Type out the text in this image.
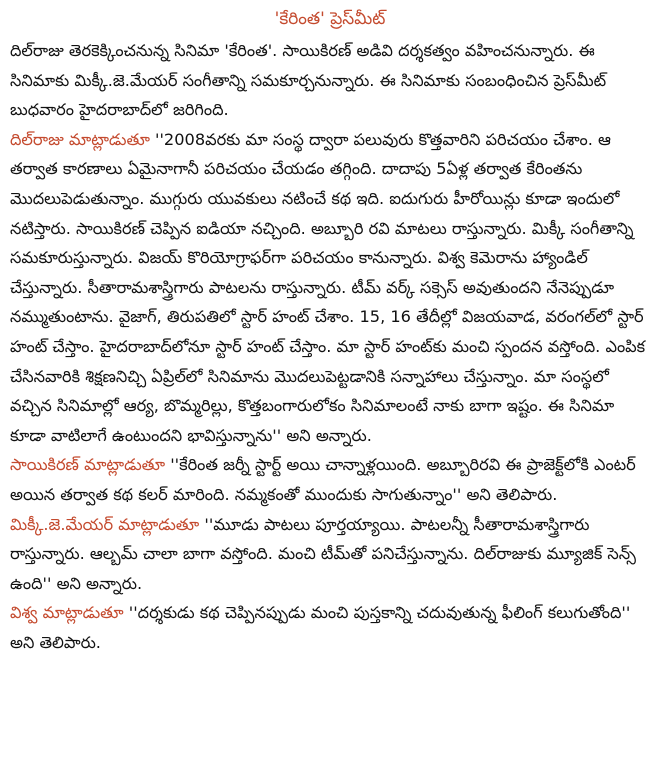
'కేరింత' ప్రెస్‌మీట్

దిల్‌రాజు తెరకెక్కించనున్న సినిమా 'కేరింత'. సాయికిరణ్ అడివి దర్శకత్వం వహించనున్నారు. ఈ సినిమాకు మిక్కీ.జె.మేయర్ సంగీతాన్ని సమకూర్చనున్నారు. ఈ సినిమాకు సంబంధించిన ప్రెస్‌మీట్ బుధవారం హైదరాబాద్‌లో జరిగింది.

దిల్‌రాజు మాట్లాడుతూ ''2008వరకు మా సంస్థ ద్వారా పలువురు కొత్తవారిని పరిచయం చేశాం. ఆ తర్వాత కారణాలు ఏమైనాగానీ పరిచయం చేయడం తగ్గింది. దాదాపు 5ఏళ్ల తర్వాత కేరింతను మొదలుపెడుతున్నాం. ముగ్గురు యువకులు నటించే కథ ఇది. ఐదుగురు హీరోయిన్లు కూడా ఇందులో నటిస్తారు. సాయికిరణ్ చెప్పిన ఐడియా నచ్చింది. అబ్బూరి రవి మాటలు రాస్తున్నారు. మిక్కీ సంగీతాన్ని సమకూరుస్తున్నారు. విజయ్ కొరియోగ్రాఫర్‌గా పరిచయం కానున్నారు. విశ్వ కెమెరాను హ్యాండిల్ చేస్తున్నారు. సీతారామశాస్త్రిగారు పాటలను రాస్తున్నారు. టీమ్ వర్క్ సక్సెస్ అవుతుందని నేనెప్పుడూ నమ్ముతుంటాను. వైజాగ్, తిరుపతిలో స్టార్ హంట్ చేశాం. 15, 16 తేదీల్లో విజయవాడ, వరంగల్‌లో స్టార్ హంట్ చేస్తాం. హైదరాబాద్‌లోనూ స్టార్ హంట్ చేస్తాం. మా స్టార్ హంట్‌కు మంచి స్పందన వస్తోంది. ఎంపిక చేసినవారికి శిక్షణనిచ్చి ఏప్రిల్‌లో సినిమాను మొదలుపెట్టడానికి సన్నాహాలు చేస్తున్నాం. మా సంస్థలో వచ్చిన సినిమాల్లో ఆర్య, బొమ్మరిల్లు, కొత్తబంగారులోకం సినిమాలంటే నాకు బాగా ఇష్టం. ఈ సినిమా కూడా వాటిలాగే ఉంటుందని భావిస్తున్నాను'' అని అన్నారు.

సాయికిరణ్ మాట్లాడుతూ ''కేరింత జర్నీ స్టార్ట్ అయి చాన్నాళ్లయింది. అబ్బూరిరవి ఈ ప్రాజెక్ట్‌లోకి ఎంటర్ అయిన తర్వాత కథ కలర్ మారింది. నమ్మకంతో ముందుకు సాగుతున్నాం'' అని తెలిపారు.

మిక్కీ.జె.మేయర్ మాట్లాడుతూ ''మూడు పాటలు పూర్తయ్యాయి. పాటలన్నీ సీతారామశాస్త్రిగారు రాస్తున్నారు. ఆల్బమ్ చాలా బాగా వస్తోంది. మంచి టీమ్‌తో పనిచేస్తున్నాను. దిల్‌రాజుకు మ్యూజిక్ సెన్స్ ఉంది'' అని అన్నారు.

విశ్వ మాట్లాడుతూ ''దర్శకుడు కథ చెప్పినప్పుడు మంచి పుస్తకాన్ని చదువుతున్న ఫీలింగ్ కలుగుతోంది'' అని తెలిపారు.
